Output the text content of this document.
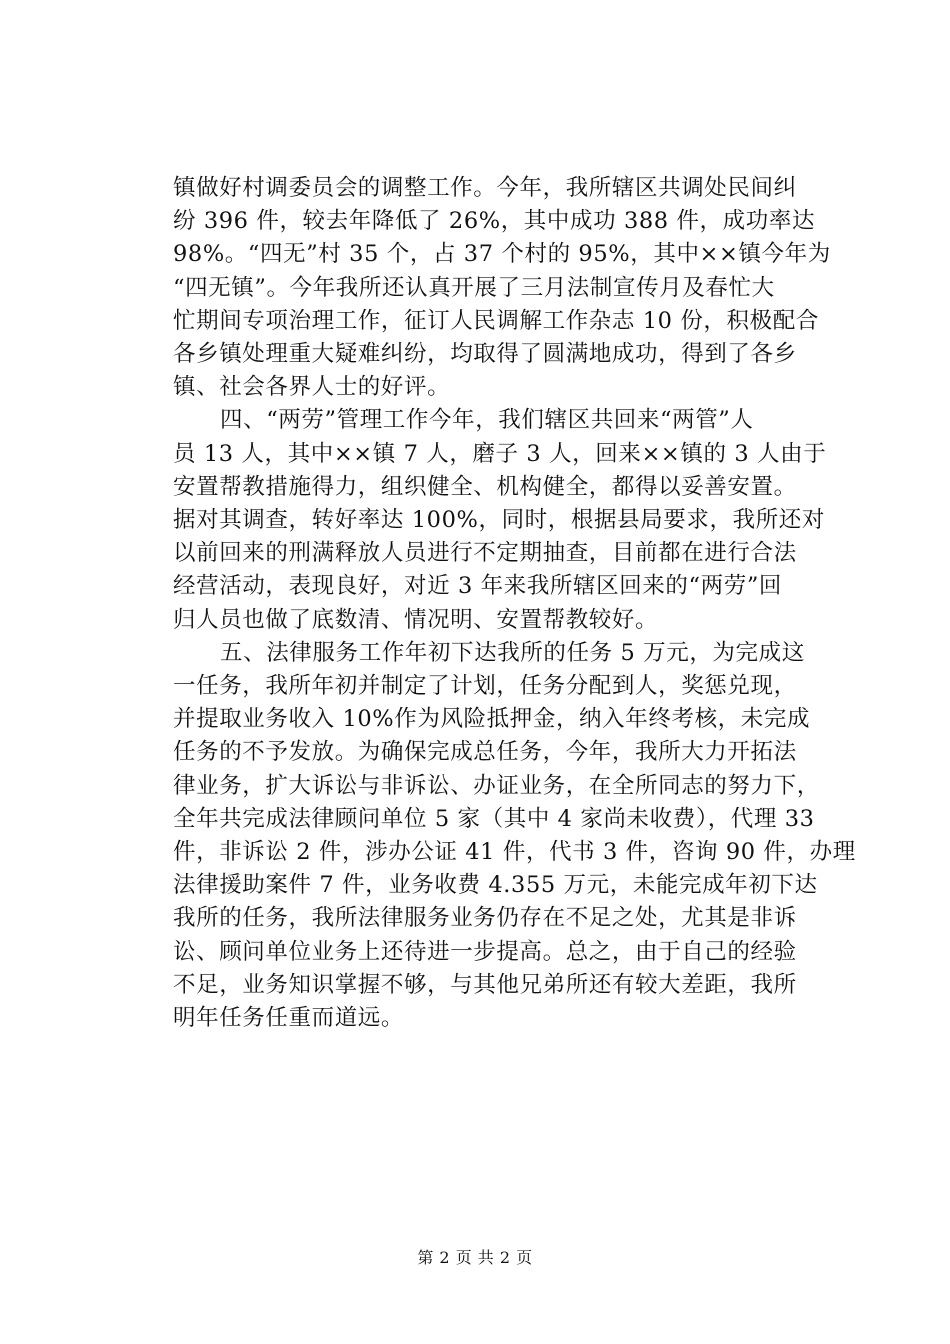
镇做好村调委员会的调整工作。今年，我所辖区共调处民间纠
纷 396 件，较去年降低了 26%，其中成功 388 件，成功率达
98%。“四无”村 35 个，占 37 个村的 95%，其中××镇今年为
“四无镇”。今年我所还认真开展了三月法制宣传月及春忙大
忙期间专项治理工作，征订人民调解工作杂志 10 份，积极配合
各乡镇处理重大疑难纠纷，均取得了圆满地成功，得到了各乡
镇、社会各界人士的好评。
四、“两劳”管理工作今年，我们辖区共回来“两管”人
员 13 人，其中××镇 7 人，磨子 3 人，回来××镇的 3 人由于
安置帮教措施得力，组织健全、机构健全，都得以妥善安置。
据对其调查，转好率达 100%，同时，根据县局要求，我所还对
以前回来的刑满释放人员进行不定期抽查，目前都在进行合法
经营活动，表现良好，对近 3 年来我所辖区回来的“两劳”回
归人员也做了底数清、情况明、安置帮教较好。
五、法律服务工作年初下达我所的任务 5 万元，为完成这
一任务，我所年初并制定了计划，任务分配到人，奖惩兑现，
并提取业务收入 10%作为风险抵押金，纳入年终考核，未完成
任务的不予发放。为确保完成总任务，今年，我所大力开拓法
律业务，扩大诉讼与非诉讼、办证业务，在全所同志的努力下，
全年共完成法律顾问单位 5 家（其中 4 家尚未收费），代理 33
件，非诉讼 2 件，涉办公证 41 件，代书 3 件，咨询 90 件，办理
法律援助案件 7 件，业务收费 4.355 万元，未能完成年初下达
我所的任务，我所法律服务业务仍存在不足之处，尤其是非诉
讼、顾问单位业务上还待进一步提高。总之，由于自己的经验
不足，业务知识掌握不够，与其他兄弟所还有较大差距，我所
明年任务任重而道远。
第 2 页 共 2 页
